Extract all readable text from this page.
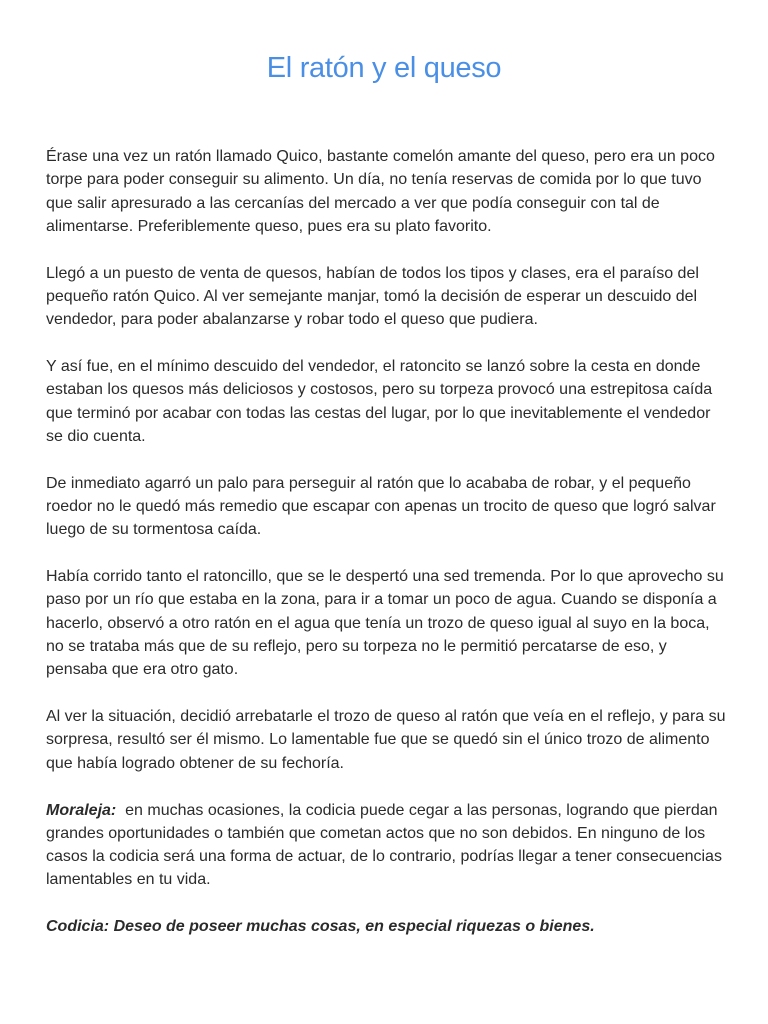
El ratón y el queso

Érase una vez un ratón llamado Quico, bastante comelón amante del queso, pero era un poco torpe para poder conseguir su alimento. Un día, no tenía reservas de comida por lo que tuvo que salir apresurado a las cercanías del mercado a ver que podía conseguir con tal de alimentarse. Preferiblemente queso, pues era su plato favorito.

Llegó a un puesto de venta de quesos, habían de todos los tipos y clases, era el paraíso del pequeño ratón Quico. Al ver semejante manjar, tomó la decisión de esperar un descuido del vendedor, para poder abalanzarse y robar todo el queso que pudiera.

Y así fue, en el mínimo descuido del vendedor, el ratoncito se lanzó sobre la cesta en donde estaban los quesos más deliciosos y costosos, pero su torpeza provocó una estrepitosa caída que terminó por acabar con todas las cestas del lugar, por lo que inevitablemente el vendedor se dio cuenta.

De inmediato agarró un palo para perseguir al ratón que lo acababa de robar, y el pequeño roedor no le quedó más remedio que escapar con apenas un trocito de queso que logró salvar luego de su tormentosa caída.

Había corrido tanto el ratoncillo, que se le despertó una sed tremenda. Por lo que aprovecho su paso por un río que estaba en la zona, para ir a tomar un poco de agua. Cuando se disponía a hacerlo, observó a otro ratón en el agua que tenía un trozo de queso igual al suyo en la boca, no se trataba más que de su reflejo, pero su torpeza no le permitió percatarse de eso, y pensaba que era otro gato.

Al ver la situación, decidió arrebatarle el trozo de queso al ratón que veía en el reflejo, y para su sorpresa, resultó ser él mismo. Lo lamentable fue que se quedó sin el único trozo de alimento que había logrado obtener de su fechoría.

Moraleja: en muchas ocasiones, la codicia puede cegar a las personas, logrando que pierdan grandes oportunidades o también que cometan actos que no son debidos. En ninguno de los casos la codicia será una forma de actuar, de lo contrario, podrías llegar a tener consecuencias lamentables en tu vida.

Codicia: Deseo de poseer muchas cosas, en especial riquezas o bienes.
